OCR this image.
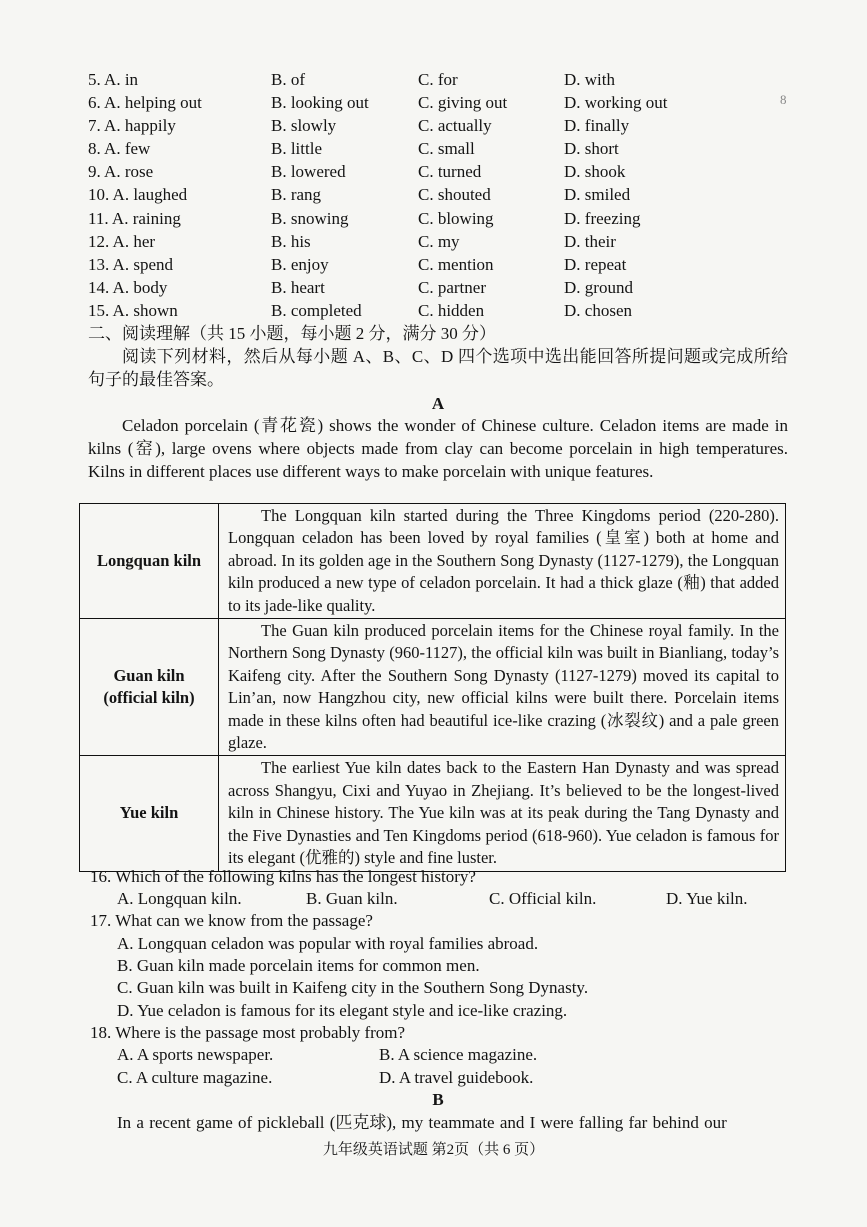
5. A. in	B. of	C. for	D. with
6. A. helping out	B. looking out	C. giving out	D. working out
7. A. happily	B. slowly	C. actually	D. finally
8. A. few	B. little	C. small	D. short
9. A. rose	B. lowered	C. turned	D. shook
10. A. laughed	B. rang	C. shouted	D. smiled
11. A. raining	B. snowing	C. blowing	D. freezing
12. A. her	B. his	C. my	D. their
13. A. spend	B. enjoy	C. mention	D. repeat
14. A. body	B. heart	C. partner	D. ground
15. A. shown	B. completed	C. hidden	D. chosen
8
二、阅读理解（共 15 小题，每小题 2 分，满分 30 分）
阅读下列材料，然后从每小题 A、B、C、D 四个选项中选出能回答所提问题或完成所给句子的最佳答案。
A
Celadon porcelain (青花瓷) shows the wonder of Chinese culture. Celadon items are made in kilns (窑), large ovens where objects made from clay can become porcelain in high temperatures. Kilns in different places use different ways to make porcelain with unique features.
Longquan kiln	The Longquan kiln started during the Three Kingdoms period (220-280). Longquan celadon has been loved by royal families (皇室) both at home and abroad. In its golden age in the Southern Song Dynasty (1127-1279), the Longquan kiln produced a new type of celadon porcelain. It had a thick glaze (釉) that added to its jade-like quality.

Guan kiln
(official kiln)	The Guan kiln produced porcelain items for the Chinese royal family. In the Northern Song Dynasty (960-1127), the official kiln was built in Bianliang, today’s Kaifeng city. After the Southern Song Dynasty (1127-1279) moved its capital to Lin’an, now Hangzhou city, new official kilns were built there. Porcelain items made in these kilns often had beautiful ice-like crazing (冰裂纹) and a pale green glaze.

Yue kiln	The earliest Yue kiln dates back to the Eastern Han Dynasty and was spread across Shangyu, Cixi and Yuyao in Zhejiang. It’s believed to be the longest-lived kiln in Chinese history. The Yue kiln was at its peak during the Tang Dynasty and the Five Dynasties and Ten Kingdoms period (618-960). Yue celadon is famous for its elegant (优雅的) style and fine luster.
16. Which of the following kilns has the longest history?
A. Longquan kiln.	B. Guan kiln.	C. Official kiln.	D. Yue kiln.
17. What can we know from the passage?
A. Longquan celadon was popular with royal families abroad.
B. Guan kiln made porcelain items for common men.
C. Guan kiln was built in Kaifeng city in the Southern Song Dynasty.
D. Yue celadon is famous for its elegant style and ice-like crazing.
18. Where is the passage most probably from?
A. A sports newspaper.	B. A science magazine.
C. A culture magazine.	D. A travel guidebook.
B
In a recent game of pickleball (匹克球), my teammate and I were falling far behind our
九年级英语试题 第2页（共 6 页）
